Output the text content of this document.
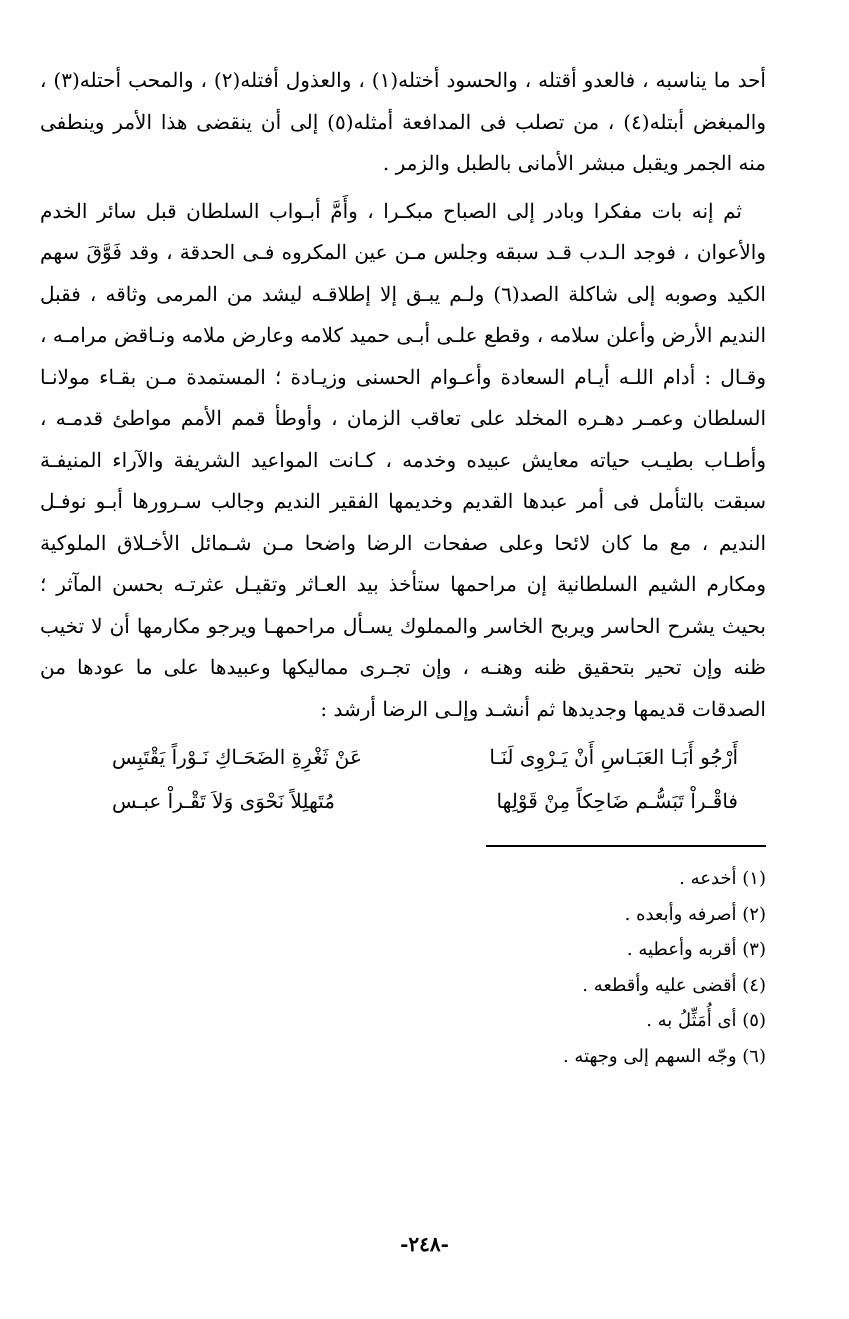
أحد ما يناسبه ، فالعدو أقتله ، والحسود أختله(١) ، والعذول أفتله(٢) ، والمحب أحتله(٣) ، والمبغض أبتله(٤) ، من تصلب فى المدافعة أمثله(٥) إلى أن ينقضى هذا الأمر وينطفى منه الجمر ويقبل مبشر الأمانى بالطبل والزمر .

ثم إنه بات مفكرا وبادر إلى الصباح مبكـرا ، وأَمَّ أبـواب السلطان قبل سائر الخدم والأعوان ، فوجد الـدب قـد سبقه وجلس مـن عين المكروه فـى الحدقة ، وقد فَوَّقَ سهم الكيد وصوبه إلى شاكلة الصد(٦) ولـم يبـق إلا إطلاقـه ليشد من المرمى وثاقه ، فقبل النديم الأرض وأعلن سلامه ، وقطع علـى أبـى حميد كلامه وعارض ملامه ونـاقض مرامـه ، وقـال : أدام اللـه أيـام السعادة وأعـوام الحسنى وزيـادة ؛ المستمدة مـن بقـاء مولانـا السلطان وعمـر دهـره المخلد على تعاقب الزمان ، وأوطأ قمم الأمم مواطئ قدمـه ، وأطـاب بطيـب حياته معايش عبيده وخدمه ، كـانت المواعيد الشريفة والآراء المنيفـة سبقت بالتأمل فى أمر عبدها القديم وخديمها الفقير النديم وجالب سـرورها أبـو نوفـل النديم ، مع ما كان لائحا وعلى صفحات الرضا واضحا مـن شـمائل الأخـلاق الملوكية ومكارم الشيم السلطانية إن مراحمها ستأخذ بيد العـاثر وتقيـل عثرتـه بحسن المآثر ؛ بحيث يشرح الحاسر ويربح الخاسر والمملوك يسـأل مراحمهـا ويرجو مكارمها أن لا تخيب ظنه وإن تحير بتحقيق ظنه وهنـه ، وإن تجـرى مماليكها وعبيدها على ما عودها من الصدقات قديمها وجديدها ثم أنشـد وإلـى الرضا أرشد :

أَرْجُو أَبَـا العَبَـاسِ أَنْ يَـرْوِى لَنَـا
عَنْ ثَغْرِةِ الضَحَـاكِ نَـوْراً يَقْتَبِس
فاقْـراْ تَبَسُّـم ضَاحِكاً مِنْ قَوْلِها
مُتَهلِلاً نَحْوَى وَلاَ تَقْـراْ عبـس
(١) أخدعه .
(٢) أصرفه وأبعده .
(٣) أقربه وأعطيه .
(٤) أقضى عليه وأقطعه .
(٥) أى أُمَثِّلُ به .
(٦) وجّه السهم إلى وجهته .
-٢٤٨-
